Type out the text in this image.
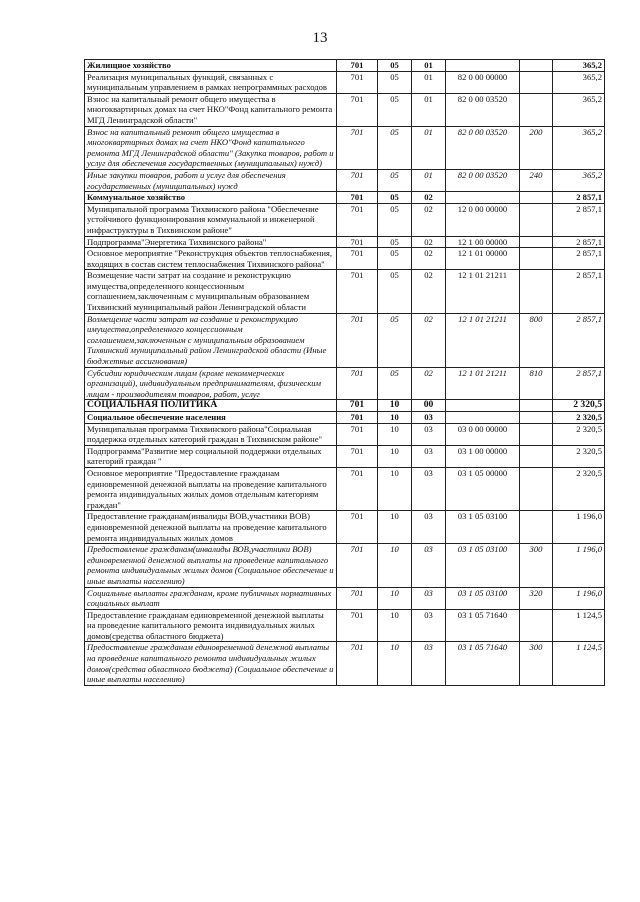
13
Жилищное хозяйство	701	05	01			365,2
Реализация муниципальных функций, связанных с муниципальным управлением в рамках непрограммных расходов	701	05	01	82 0 00 00000		365,2
Взнос на капитальный ремонт общего имущества в многоквартирных домах на счет НКО"Фонд капитального ремонта МГД Ленинградской области"	701	05	01	82 0 00 03520		365,2
Взнос на капитальный ремонт общего имущества в многоквартирных домах на счет НКО"Фонд капитального ремонта МГД Ленинградской области" (Закупка товаров, работ и услуг для обеспечения государственных (муниципальных) нужд)	701	05	01	82 0 00 03520	200	365,2
Иные закупки товаров, работ и услуг для обеспечения государственных (муниципальных) нужд	701	05	01	82 0 00 03520	240	365,2
Коммунальное хозяйство	701	05	02			2 857,1
Муниципальной программа Тихвинского района "Обеспечение устойчивого функционирования коммунальной и инженерной инфраструктуры в Тихвинском районе"	701	05	02	12 0 00 00000		2 857,1
Подпрограмма"Энергетика Тихвинского района"	701	05	02	12 1 00 00000		2 857,1
Основное мероприятие "Реконструкция объектов теплоснабжения, входящих в состав систем теплоснабжения Тихвинского района"	701	05	02	12 1 01 00000		2 857,1
Возмещение части затрат на создание и реконструкцию имущества,определенного концессионным соглашением,заключенным с муниципальным образованием Тихвинский муниципальный район Ленинградской области	701	05	02	12 1 01 21211		2 857,1
Возмещение части затрат на создание и реконструкцию имущества,определенного концессионным соглашением,заключенным с муниципальным образованием Тихвинский муниципальный район Ленинградской области (Иные бюджетные ассигнования)	701	05	02	12 1 01 21211	800	2 857,1
Субсидии юридическим лицам (кроме некоммерческих организаций), индивидуальным предпринимателям, физическим лицам - производителям товаров, работ, услуг	701	05	02	12 1 01 21211	810	2 857,1
СОЦИАЛЬНАЯ ПОЛИТИКА	701	10	00			2 320,5
Социальное обеспечение населения	701	10	03			2 320,5
Муниципальная программа Тихвинского района"Социальная поддержка отдельных категорий граждан в Тихвинском районе"	701	10	03	03 0 00 00000		2 320,5
Подпрограмма"Развитие мер социальной поддержки отдельных категорий граждан "	701	10	03	03 1 00 00000		2 320,5
Основное мероприятие "Предоставление гражданам единовременной денежной выплаты на проведение капитального ремонта индивидуальных жилых домов отдельным категориям граждан"	701	10	03	03 1 05 00000		2 320,5
Предоставление гражданам(инвалиды ВОВ,участники ВОВ) единовременной денежной выплаты на проведение капитального ремонта индивидуальных жилых домов	701	10	03	03 1 05 03100		1 196,0
Предоставление гражданам(инвалиды ВОВ,участники ВОВ) единовременной денежной выплаты на проведение капитального ремонта индивидуальных жилых домов (Социальное обеспечение и иные выплаты населению)	701	10	03	03 1 05 03100	300	1 196,0
Социальные выплаты гражданам, кроме публичных нормативных социальных выплат	701	10	03	03 1 05 03100	320	1 196,0
Предоставление гражданам единовременной денежной выплаты на проведение капитального ремонта индивидуальных жилых домов(средства областного бюджета)	701	10	03	03 1 05 71640		1 124,5
Предоставление гражданам единовременной денежной выплаты на проведение капитального ремонта индивидуальных жилых домов(средства областного бюджета) (Социальное обеспечение и иные выплаты населению)	701	10	03	03 1 05 71640	300	1 124,5
